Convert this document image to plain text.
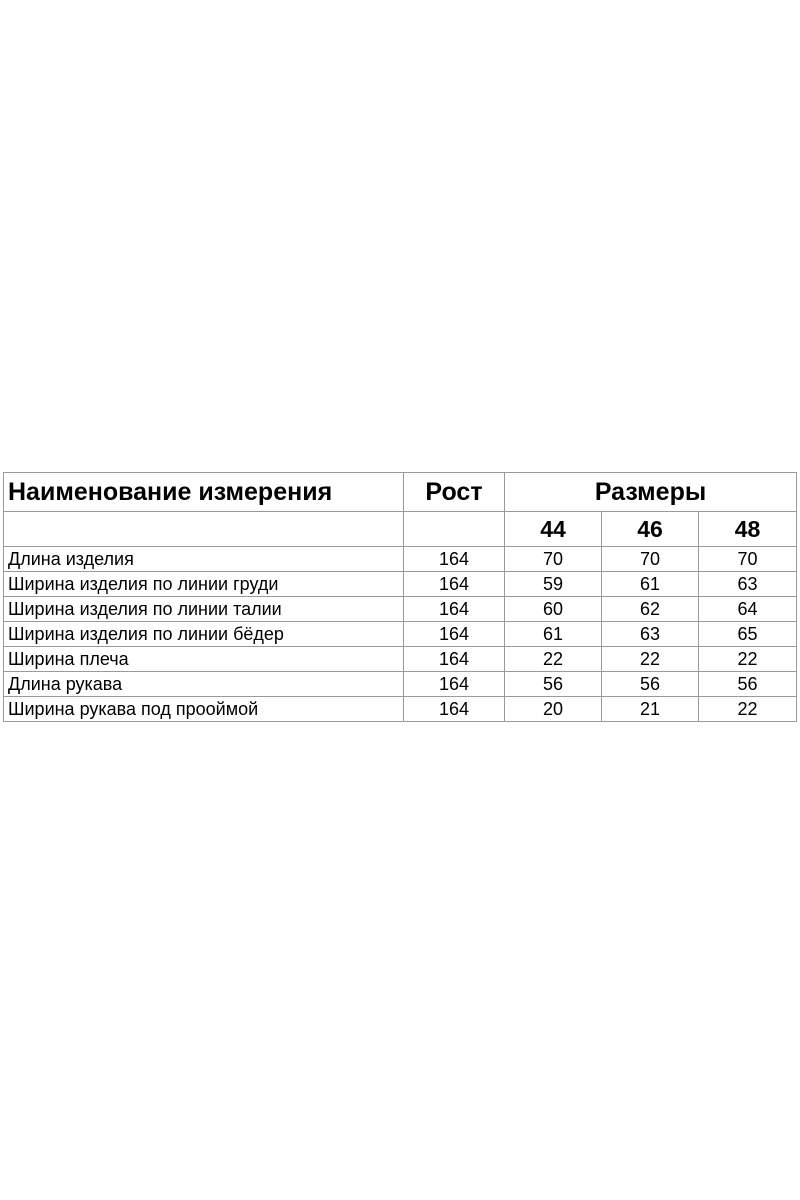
Наименование измерения	Рост	Размеры		
		44	46	48
Длина изделия	164	70	70	70
Ширина изделия по линии груди	164	59	61	63
Ширина изделия по линии талии	164	60	62	64
Ширина изделия по линии бёдер	164	61	63	65
Ширина плеча	164	22	22	22
Длина рукава	164	56	56	56
Ширина рукава под прооймой	164	20	21	22
